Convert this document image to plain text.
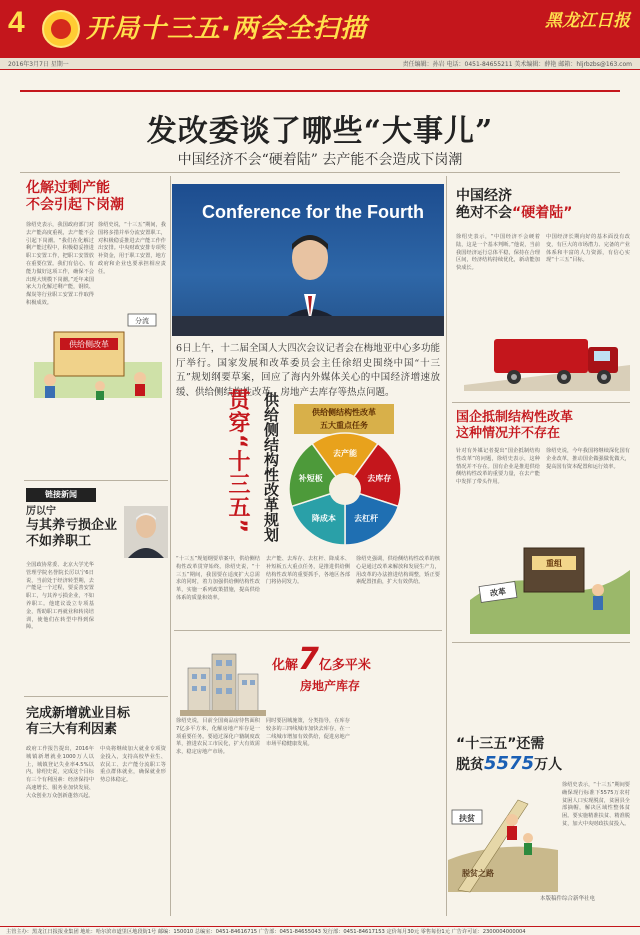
4	开局十三五·两会全扫描	黑龙江日报
2016年3月7日 星期一	责任编辑：孙岩 电话：0451-84655211 美术编辑：薛艳 邮箱：hljrbzbs@163.com
发改委谈了哪些“大事儿”
中国经济不会“硬着陆” 去产能不会造成下岗潮
化解过剩产能
不会引起下岗潮
徐绍史表示，我国政府部门对去产能高度重视，去产能不会引起下岗潮。“我们在化解过剩产能过程中，积极稳妥推进职工安置工作，把职工安置放在重要位置。我们有信心、有能力做好这项工作，确保不会出现大规模下岗潮。”近年来国家大力化解过剩产能，钢铁、煤炭等行业职工安置工作取得积极成效。
徐绍史说，“十三五”期间，我国将多措并举分流安置职工，对积极稳妥推进去产能工作作出安排。中央财政安排专项奖补资金，用于职工安置，地方政府和企业也要承担相应责任。
供给侧改革
分流
链接新闻
厉以宁
与其养亏损企业
不如养职工
全国政协常委、北京大学光华管理学院名誉院长厉以宁6日说，当前处于经济转型期，去产能是一个过程，要妥善安置职工，与其养亏损企业，不如养职工。他建议设立专项基金，帮助职工再就业和转岗培训，使他们在转型中得到保障。
完成新增就业目标
有三大有利因素
政府工作报告提出，2016年城镇新增就业1000万人以上，城镇登记失业率4.5%以内。徐绍史说，完成这个目标有三个有利因素：经济保持中高速增长、服务业加快发展、大众创业万众创新蓬勃兴起。
中央将继续加大就业专项资金投入，支持高校毕业生、农民工、去产能分流职工等重点群体就业，确保就业形势总体稳定。
Conference for the Fourth
6日上午，十二届全国人大四次会议记者会在梅地亚中心多功能厅举行。国家发展和改革委员会主任徐绍史围绕中国“十三五”规划纲要草案，回应了海内外媒体关心的中国经济增速放缓、供给侧结构性改革、房地产去库存等热点问题。
贯穿“十三五” 供给侧结构性改革规划	供给侧结构性改革
五大重点任务
去产能
去库存
去杠杆
降成本
补短板
“十三五”规划纲要草案中，供给侧结构性改革贯穿始终。徐绍史说，“十三五”期间，我国要在适度扩大总需求的同时，着力加强供给侧结构性改革，实施一系列政策措施，提高供给体系的质量和效率。
去产能、去库存、去杠杆、降成本、补短板五大重点任务，是推进供给侧结构性改革的重要抓手，各地区各部门将协同发力。
徐绍史强调，供给侧结构性改革的核心是通过改革来解放和发展生产力，用改革的办法推进结构调整，矫正要素配置扭曲，扩大有效供给。
化解7亿多平米
房地产库存
徐绍史说，目前全国商品房待售面积7亿多平方米，化解房地产库存是一项重要任务。要通过深化户籍制度改革，推进农民工市民化，扩大有效需求，稳定房地产市场。
同时要因城施策，分类指导，在库存较多的三四线城市加快去库存，在一二线城市增加有效供给，促进房地产市场平稳健康发展。
中国经济
绝对不会“硬着陆”
徐绍史表示，“中国经济不会硬着陆，这是一个基本判断。”他说，当前我国经济运行总体平稳，保持在合理区间，经济结构持续优化，新动能加快成长。
中国经济长期向好的基本面没有改变，有巨大的市场潜力、完备的产业体系和丰富的人力资源，有信心实现“十三五”目标。
国企抵制结构性改革
这种情况并不存在
针对有外媒记者提出“国企抵制结构性改革”的问题，徐绍史表示，这种情况并不存在。国有企业是推进供给侧结构性改革的重要力量，在去产能中发挥了带头作用。
徐绍史说，今年我国将继续深化国有企业改革，推动国企做强做优做大，提高国有资本配置和运行效率。
重组
改革
“十三五”还需
脱贫5575万人
扶贫
脱贫之路
徐绍史表示，“十三五”期间要确保现行标准下5575万农村贫困人口实现脱贫，贫困县全部摘帽，解决区域性整体贫困。要实施精准扶贫、精准脱贫，加大中央财政扶贫投入。
本版稿件综合新华社电
主管主办：黑龙江日报报业集团 地址：哈尔滨市道里区地段街1号 邮编：150010 总编室：0451-84616715 广告部：0451-84655043 发行部：0451-84617153 定价每月30元 零售每份1元 广告许可证：2300004000004
